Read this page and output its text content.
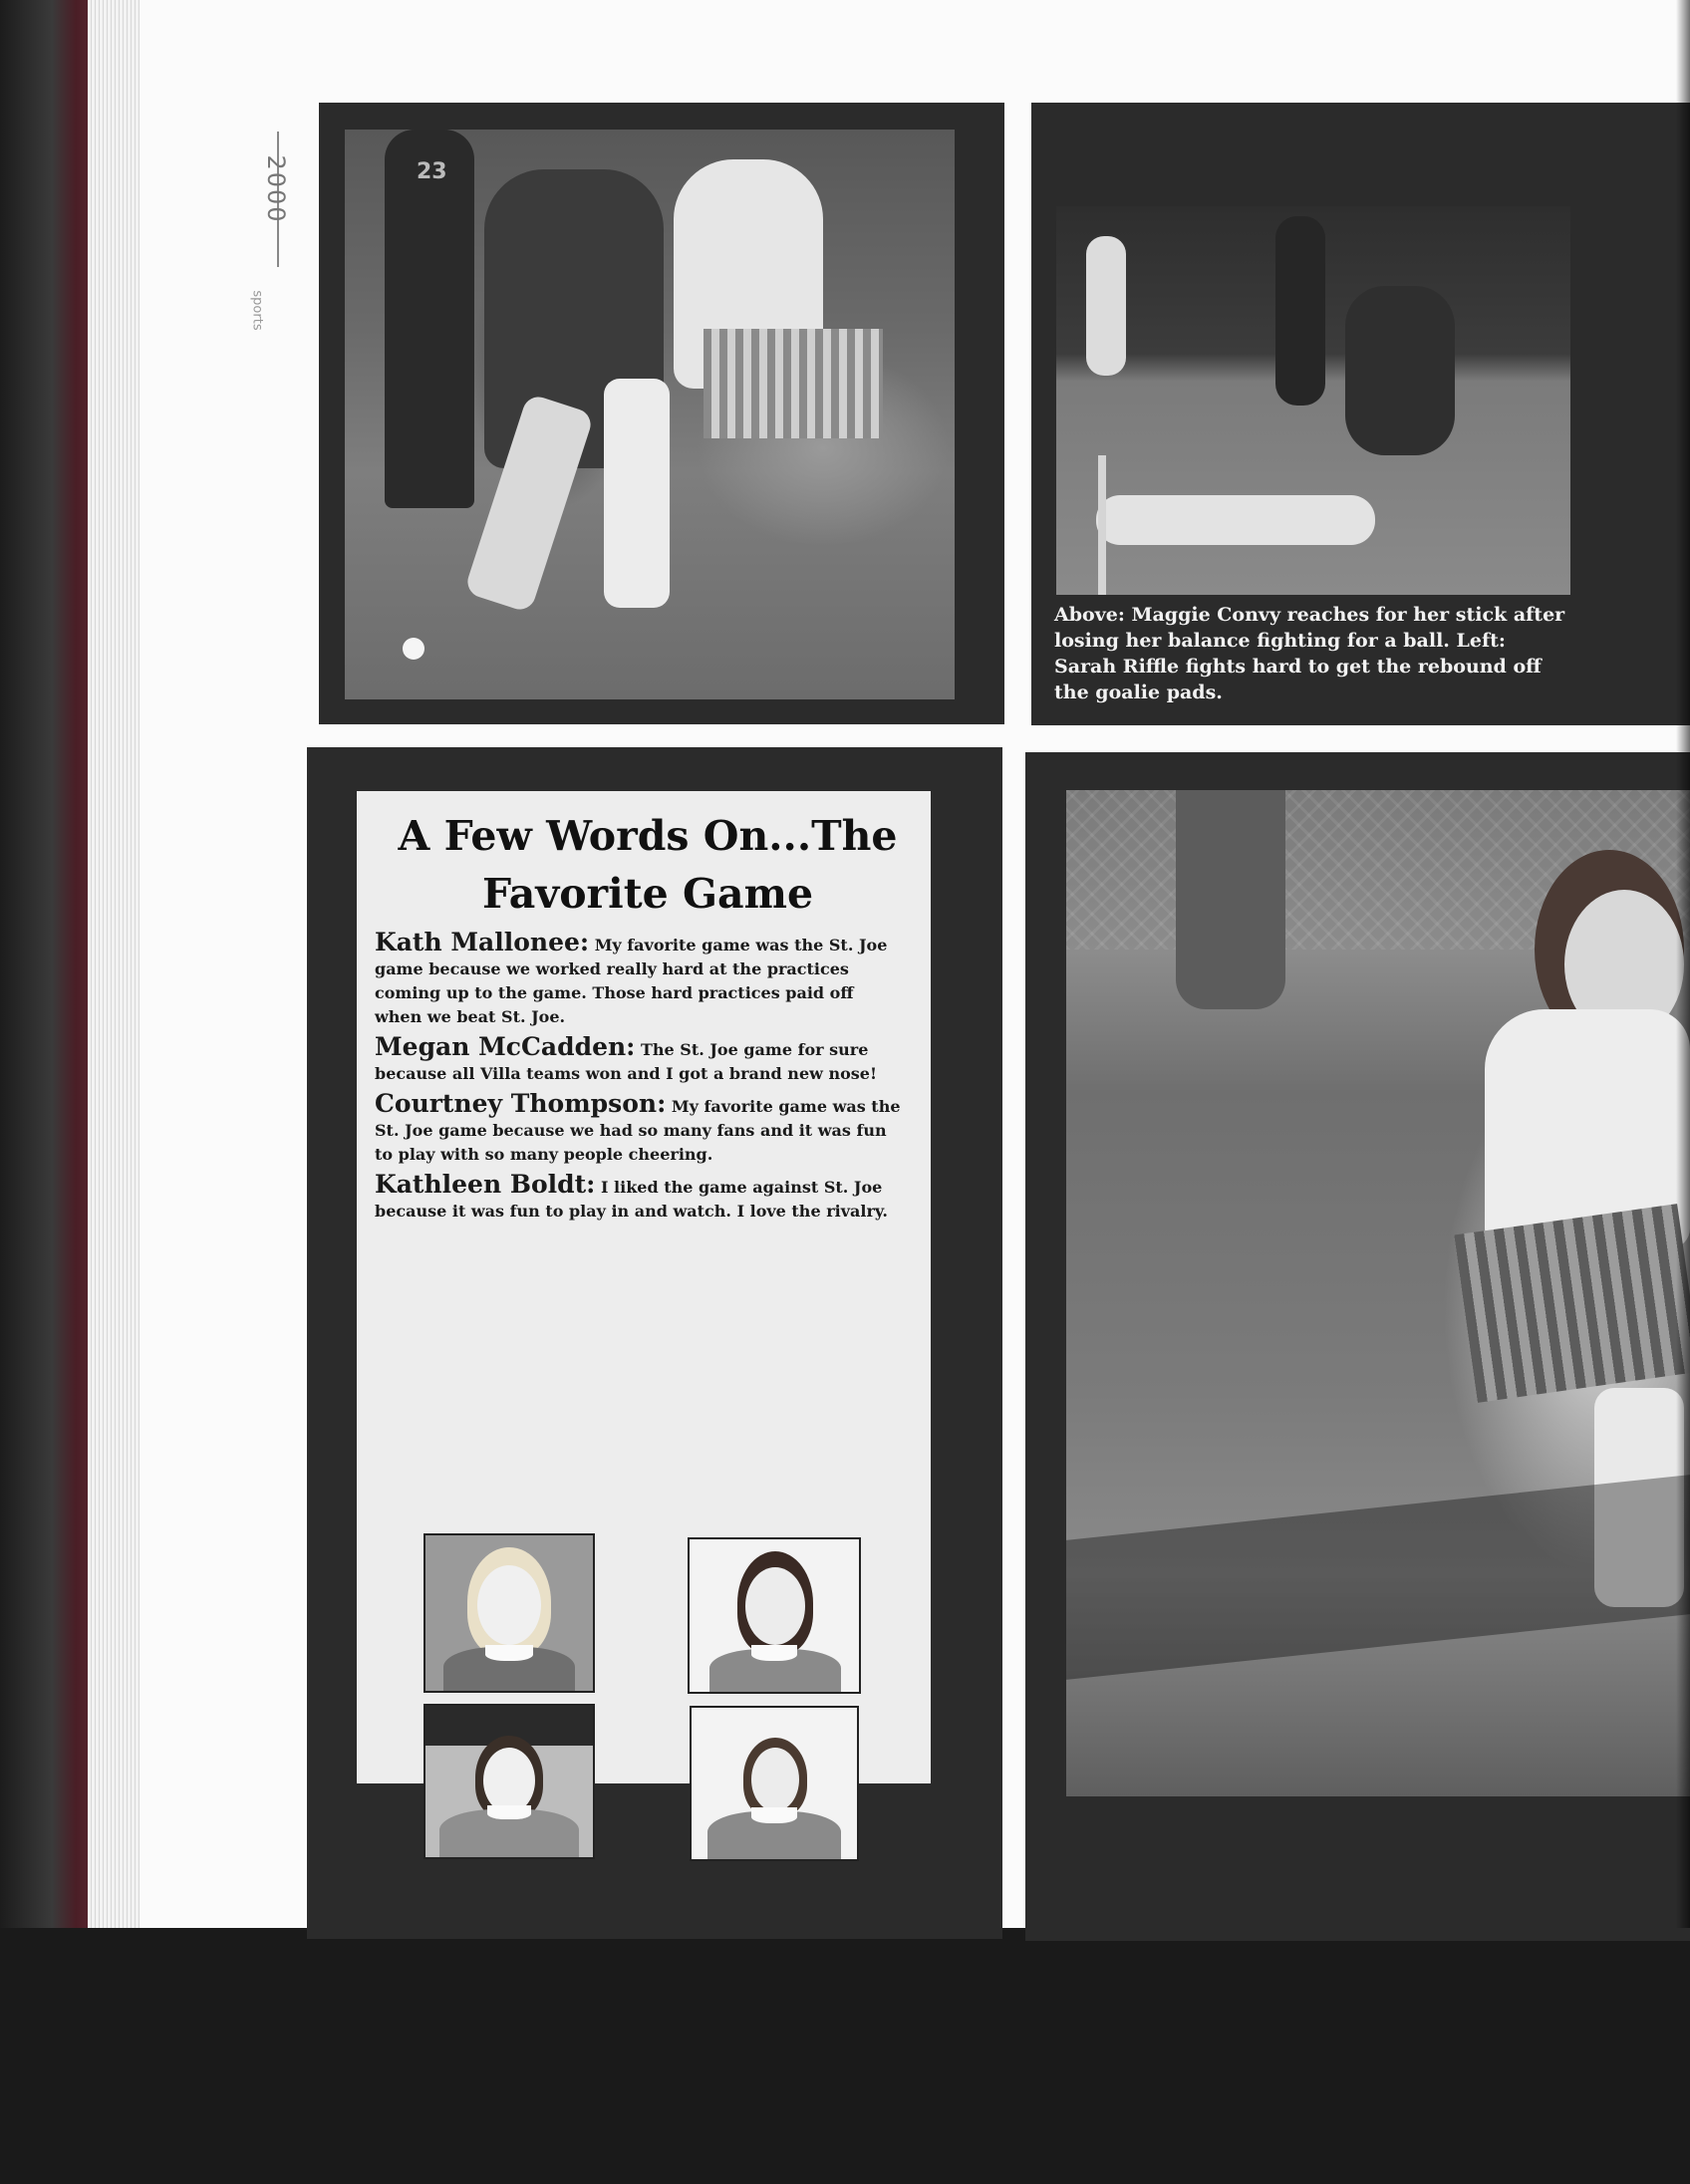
2000
sports
23
Above: Maggie Convy reaches for her stick after losing her balance fighting for a ball. Left: Sarah Riffle fights hard to get the rebound off the goalie pads.
A Few Words On...The Favorite Game

Kath Mallonee: My favorite game was the St. Joe game because we worked really hard at the practices coming up to the game. Those hard practices paid off when we beat St. Joe.

Megan McCadden: The St. Joe game for sure because all Villa teams won and I got a brand new nose!

Courtney Thompson: My favorite game was the St. Joe game because we had so many fans and it was fun to play with so many people cheering.

Kathleen Boldt: I liked the game against St. Joe because it was fun to play in and watch. I love the rivalry.
